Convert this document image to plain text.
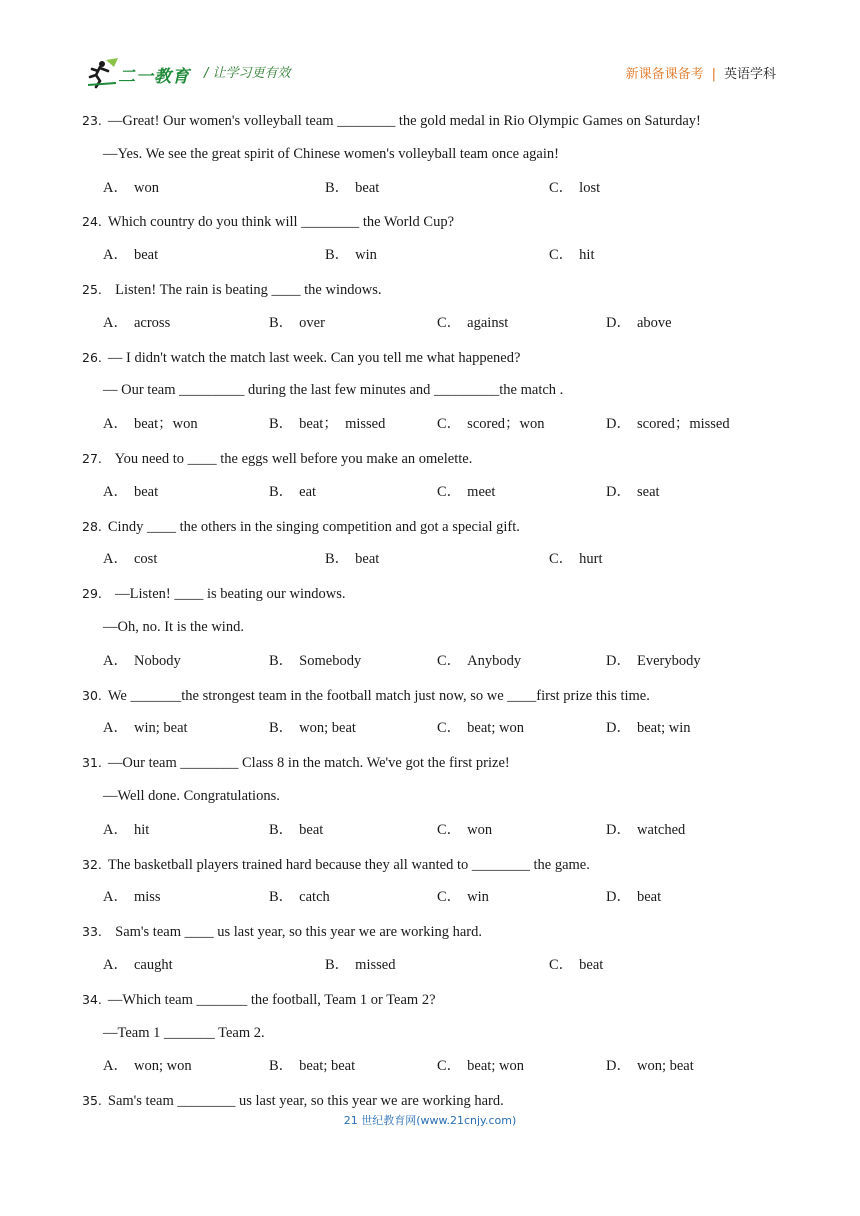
二一教育 / 让学习更有效	新课备课备考 | 英语学科
23. —Great! Our women's volleyball team ________ the gold medal in Rio Olympic Games on Saturday!
—Yes. We see the great spirit of Chinese women's volleyball team once again!
A． won	B． beat	C． lost
24. Which country do you think will ________ the World Cup?
A． beat	B． win	C． hit
25.  Listen! The rain is beating ____ the windows.
A． across	B． over	C． against	D． above
26. — I didn't watch the match last week. Can you tell me what happened?
— Our team _________ during the last few minutes and _________the match .
A． beat；won	B． beat；  missed	C． scored；won	D． scored；missed
27.  You need to ____ the eggs well before you make an omelette.
A． beat	B． eat	C． meet	D． seat
28. Cindy ____ the others in the singing competition and got a special gift.
A． cost	B． beat	C． hurt
29.  —Listen! ____ is beating our windows.
—Oh, no. It is the wind.
A． Nobody	B． Somebody	C． Anybody	D． Everybody
30. We _______the strongest team in the football match just now, so we ____first prize this time.
A． win; beat	B． won; beat	C． beat; won	D． beat; win
31. —Our team ________ Class 8 in the match. We've got the first prize!
—Well done. Congratulations.
A． hit	B． beat	C． won	D． watched
32. The basketball players trained hard because they all wanted to ________ the game.
A． miss	B． catch	C． win	D． beat
33.  Sam's team ____ us last year, so this year we are working hard.
A． caught	B． missed	C． beat
34. —Which team _______ the football, Team 1 or Team 2?
—Team 1 _______ Team 2.
A． won; won	B． beat; beat	C． beat; won	D． won; beat
35. Sam's team ________ us last year, so this year we are working hard.
21 世纪教育网(www.21cnjy.com)
